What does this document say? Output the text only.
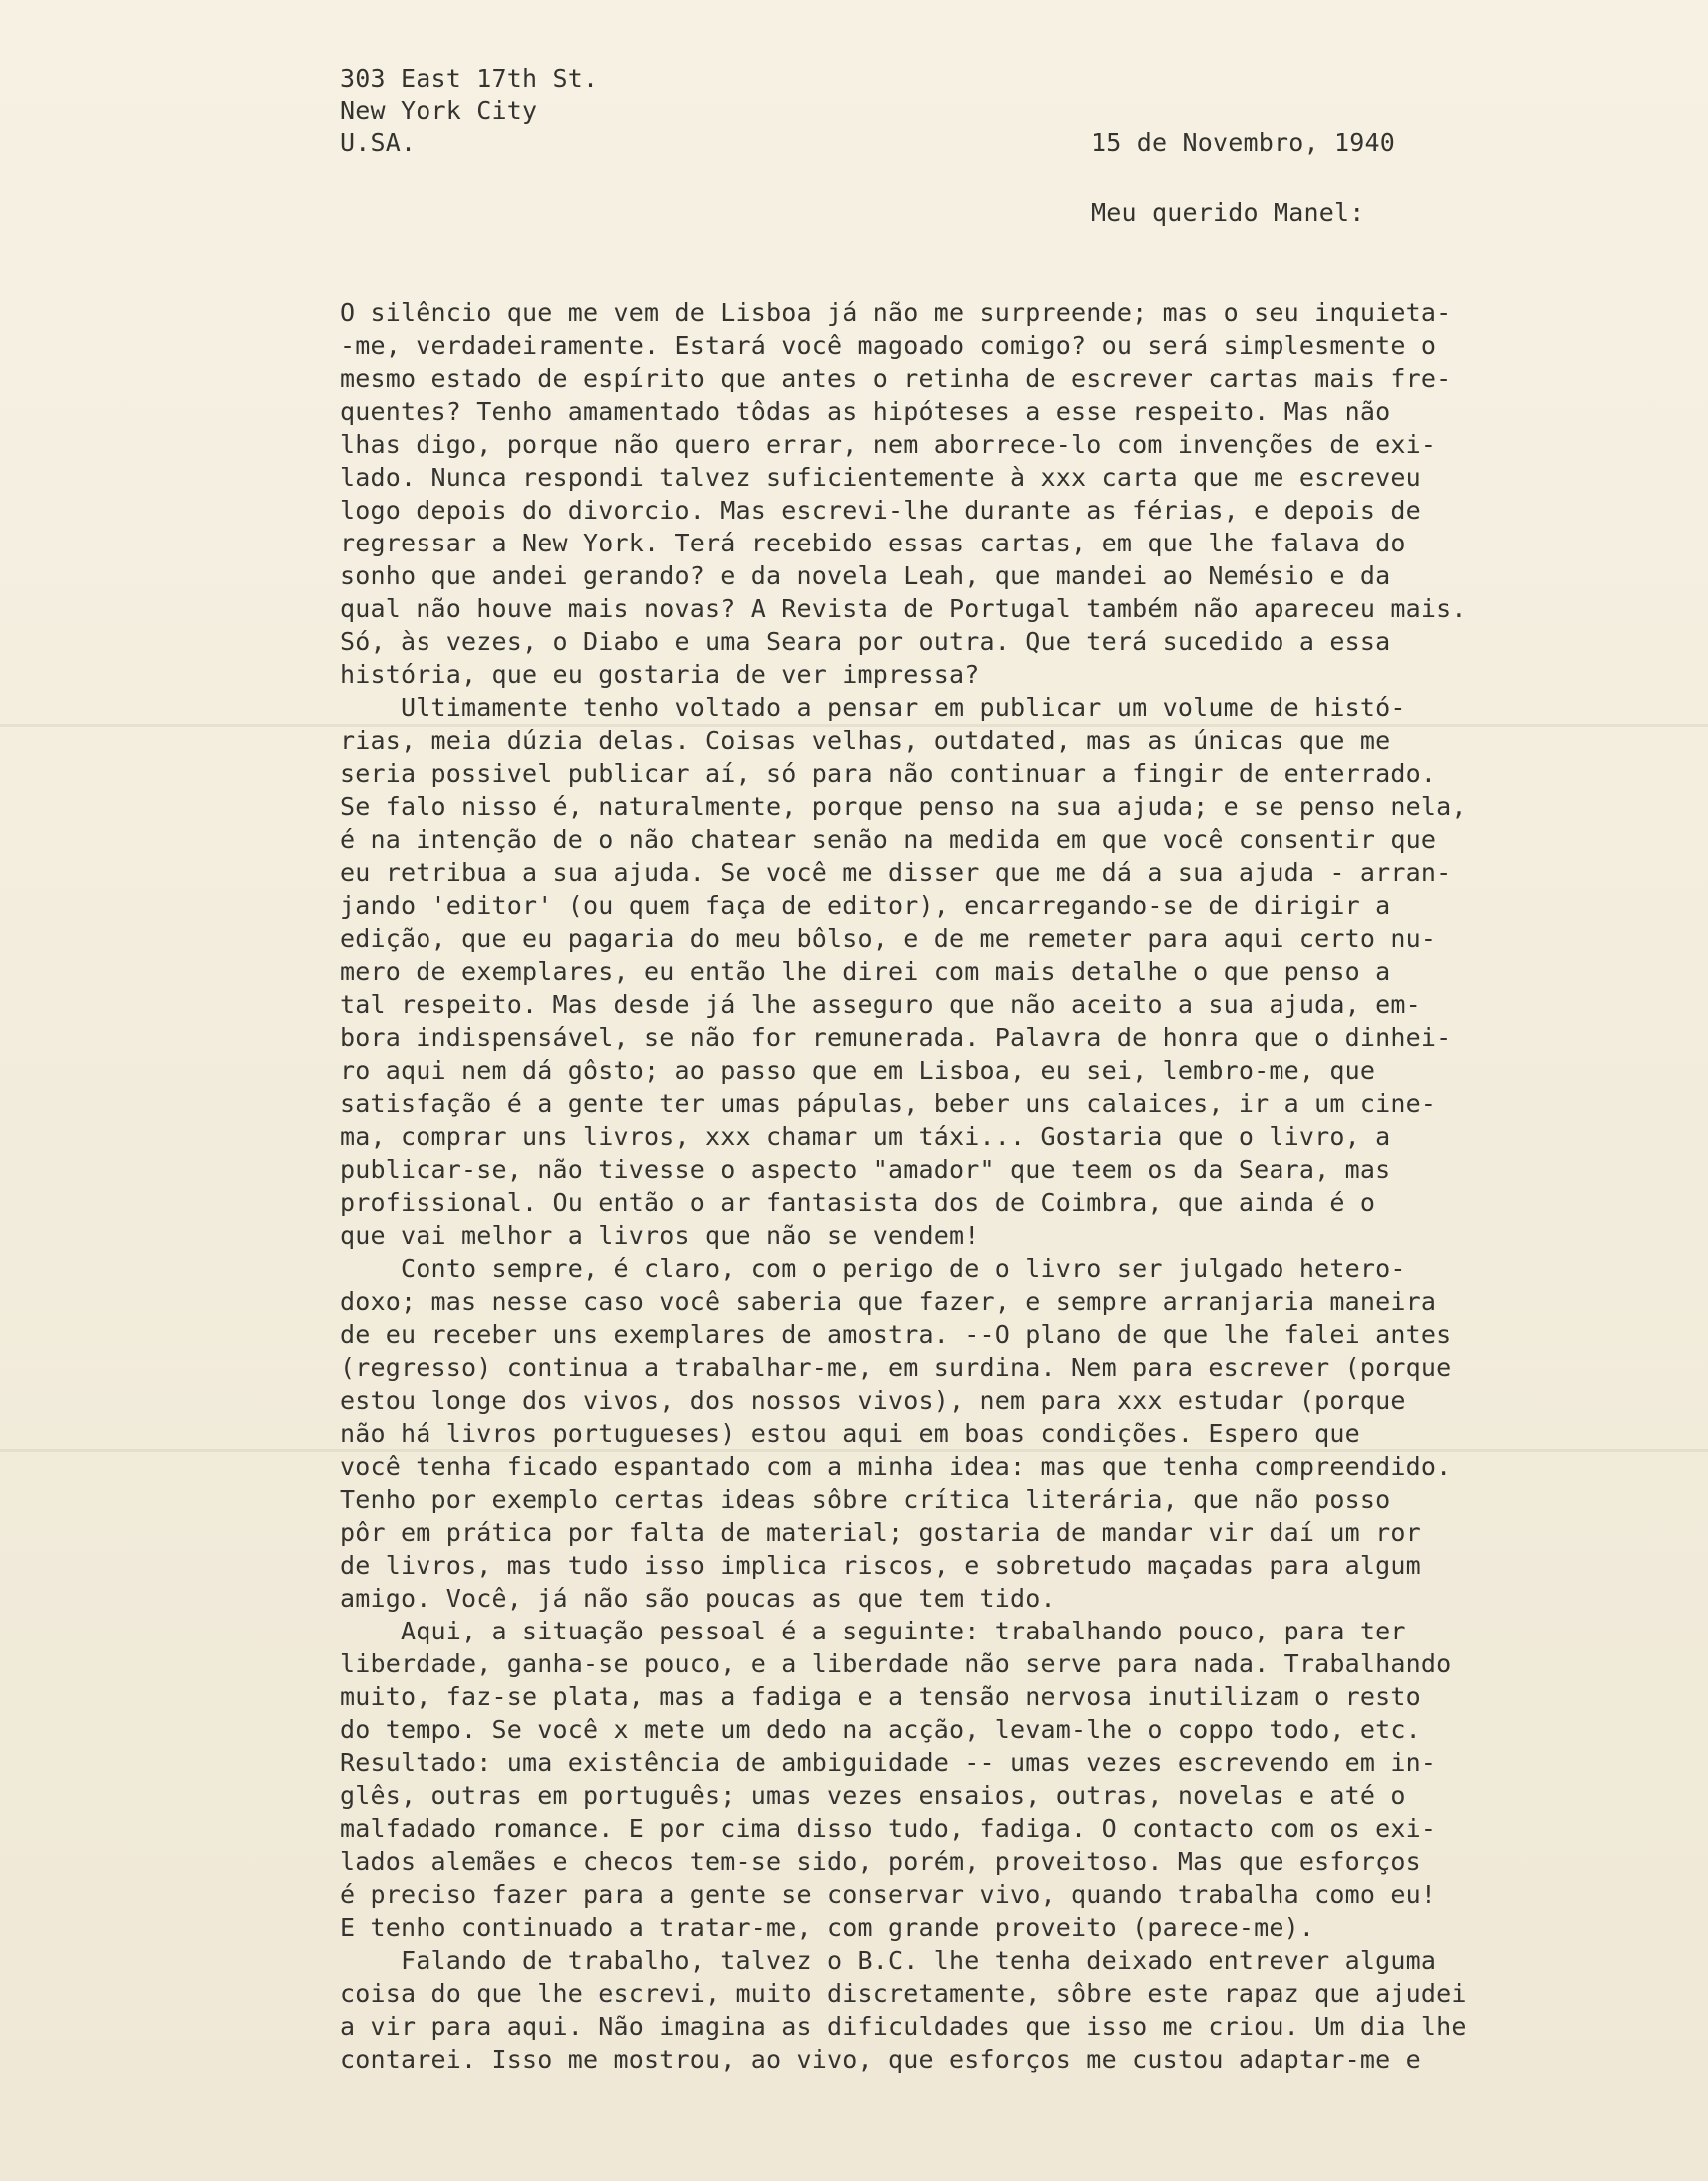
303 East 17th St.
New York City
U.SA.	15 de Novembro, 1940
Meu querido Manel:
O silêncio que me vem de Lisboa já não me surpreende; mas o seu inquieta-
-me, verdadeiramente. Estará você magoado comigo? ou será simplesmente o
mesmo estado de espírito que antes o retinha de escrever cartas mais fre-
quentes? Tenho amamentado tôdas as hipóteses a esse respeito. Mas não
lhas digo, porque não quero errar, nem aborrece-lo com invenções de exi-
lado. Nunca respondi talvez suficientemente à xxx carta que me escreveu
logo depois do divorcio. Mas escrevi-lhe durante as férias, e depois de
regressar a New York. Terá recebido essas cartas, em que lhe falava do
sonho que andei gerando? e da novela Leah, que mandei ao Nemésio e da
qual não houve mais novas? A Revista de Portugal também não apareceu mais.
Só, às vezes, o Diabo e uma Seara por outra. Que terá sucedido a essa
história, que eu gostaria de ver impressa?
Ultimamente tenho voltado a pensar em publicar um volume de histó-
rias, meia dúzia delas. Coisas velhas, outdated, mas as únicas que me
seria possivel publicar aí, só para não continuar a fingir de enterrado.
Se falo nisso é, naturalmente, porque penso na sua ajuda; e se penso nela,
é na intenção de o não chatear senão na medida em que você consentir que
eu retribua a sua ajuda. Se você me disser que me dá a sua ajuda - arran-
jando 'editor' (ou quem faça de editor), encarregando-se de dirigir a
edição, que eu pagaria do meu bôlso, e de me remeter para aqui certo nu-
mero de exemplares, eu então lhe direi com mais detalhe o que penso a
tal respeito. Mas desde já lhe asseguro que não aceito a sua ajuda, em-
bora indispensável, se não for remunerada. Palavra de honra que o dinhei-
ro aqui nem dá gôsto; ao passo que em Lisboa, eu sei, lembro-me, que
satisfação é a gente ter umas pápulas, beber uns calaices, ir a um cine-
ma, comprar uns livros, xxx chamar um táxi... Gostaria que o livro, a
publicar-se, não tivesse o aspecto "amador" que teem os da Seara, mas
profissional. Ou então o ar fantasista dos de Coimbra, que ainda é o
que vai melhor a livros que não se vendem!
Conto sempre, é claro, com o perigo de o livro ser julgado hetero-
doxo; mas nesse caso você saberia que fazer, e sempre arranjaria maneira
de eu receber uns exemplares de amostra. --O plano de que lhe falei antes
(regresso) continua a trabalhar-me, em surdina. Nem para escrever (porque
estou longe dos vivos, dos nossos vivos), nem para xxx estudar (porque
não há livros portugueses) estou aqui em boas condições. Espero que
você tenha ficado espantado com a minha idea: mas que tenha compreendido.
Tenho por exemplo certas ideas sôbre crítica literária, que não posso
pôr em prática por falta de material; gostaria de mandar vir daí um ror
de livros, mas tudo isso implica riscos, e sobretudo maçadas para algum
amigo. Você, já não são poucas as que tem tido.
Aqui, a situação pessoal é a seguinte: trabalhando pouco, para ter
liberdade, ganha-se pouco, e a liberdade não serve para nada. Trabalhando
muito, faz-se plata, mas a fadiga e a tensão nervosa inutilizam o resto
do tempo. Se você x mete um dedo na acção, levam-lhe o coppo todo, etc.
Resultado: uma existência de ambiguidade -- umas vezes escrevendo em in-
glês, outras em português; umas vezes ensaios, outras, novelas e até o
malfadado romance. E por cima disso tudo, fadiga. O contacto com os exi-
lados alemães e checos tem-se sido, porém, proveitoso. Mas que esforços
é preciso fazer para a gente se conservar vivo, quando trabalha como eu!
E tenho continuado a tratar-me, com grande proveito (parece-me).
Falando de trabalho, talvez o B.C. lhe tenha deixado entrever alguma
coisa do que lhe escrevi, muito discretamente, sôbre este rapaz que ajudei
a vir para aqui. Não imagina as dificuldades que isso me criou. Um dia lhe
contarei. Isso me mostrou, ao vivo, que esforços me custou adaptar-me e
